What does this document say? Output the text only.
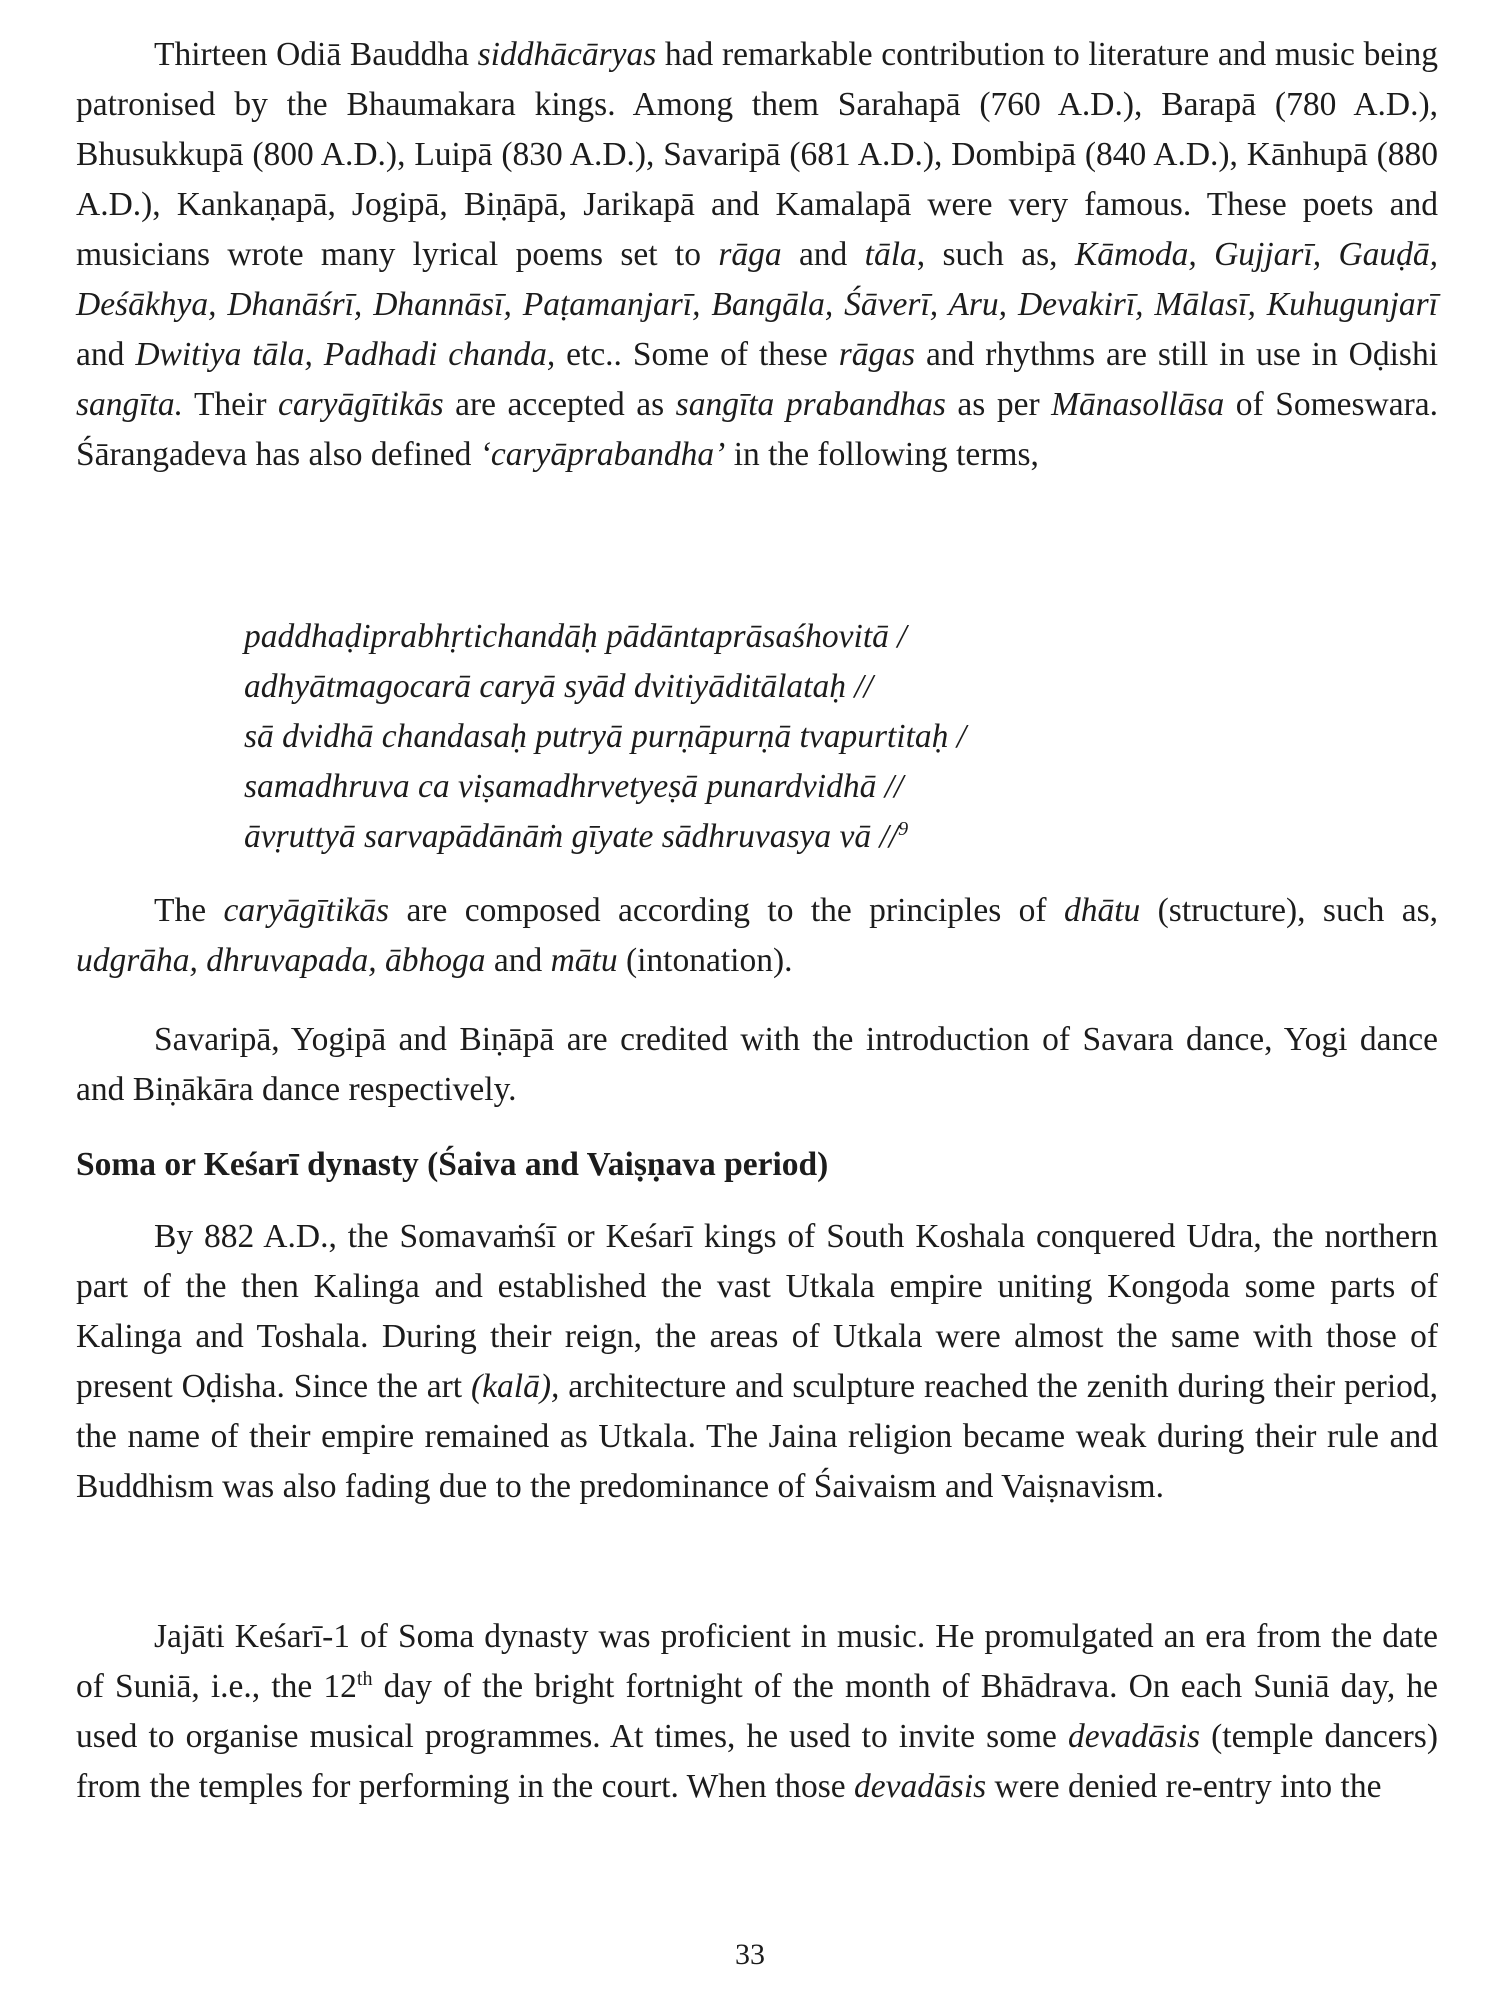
Thirteen Odiā Bauddha siddhācāryas had remarkable contribution to literature and music being patronised by the Bhaumakara kings. Among them Sarahapā (760 A.D.), Barapā (780 A.D.), Bhusukkupā (800 A.D.), Luipā (830 A.D.), Savaripā (681 A.D.), Dombipā (840 A.D.), Kānhupā (880 A.D.), Kankaṇapā, Jogipā, Biṇāpā, Jarikapā and Kamalapā were very famous. These poets and musicians wrote many lyrical poems set to rāga and tāla, such as, Kāmoda, Gujjarī, Gauḍā, Deśākhya, Dhanāśrī, Dhannāsī, Paṭamanjarī, Bangāla, Śāverī, Aru, Devakirī, Mālasī, Kuhugunjarī and Dwitiya tāla, Padhadi chanda, etc.. Some of these rāgas and rhythms are still in use in Oḍishi sangīta. Their caryāgītikās are accepted as sangīta prabandhas as per Mānasollāsa of Someswara. Śārangadeva has also defined ‘caryāprabandha’ in the following terms,

paddhaḍiprabhṛtichandāḥ pādāntaprāsaśhovitā /
adhyātmagocarā caryā syād dvitiyāditālataḥ //
sā dvidhā chandasaḥ putryā purṇāpurṇā tvapurtitaḥ /
samadhruva ca viṣamadhrvetyeṣā punardvidhā //
āvṛuttyā sarvapādānāṁ gīyate sādhruvasya vā //$^9$

The caryāgītikās are composed according to the principles of dhātu (structure), such as, udgrāha, dhruvapada, ābhoga and mātu (intonation).

Savaripā, Yogipā and Biṇāpā are credited with the introduction of Savara dance, Yogi dance and Biṇākāra dance respectively.

Soma or Keśarī dynasty (Śaiva and Vaiṣṇava period)

By 882 A.D., the Somavaṁśī or Keśarī kings of South Koshala conquered Udra, the northern part of the then Kalinga and established the vast Utkala empire uniting Kongoda some parts of Kalinga and Toshala. During their reign, the areas of Utkala were almost the same with those of present Oḍisha. Since the art (kalā), architecture and sculpture reached the zenith during their period, the name of their empire remained as Utkala. The Jaina religion became weak during their rule and Buddhism was also fading due to the predominance of Śaivaism and Vaiṣnavism.

Jajāti Keśarī-1 of Soma dynasty was proficient in music. He promulgated an era from the date of Suniā, i.e., the 12th day of the bright fortnight of the month of Bhādrava. On each Suniā day, he used to organise musical programmes. At times, he used to invite some devadāsis (temple dancers) from the temples for performing in the court. When those devadāsis were denied re-entry into the

33
